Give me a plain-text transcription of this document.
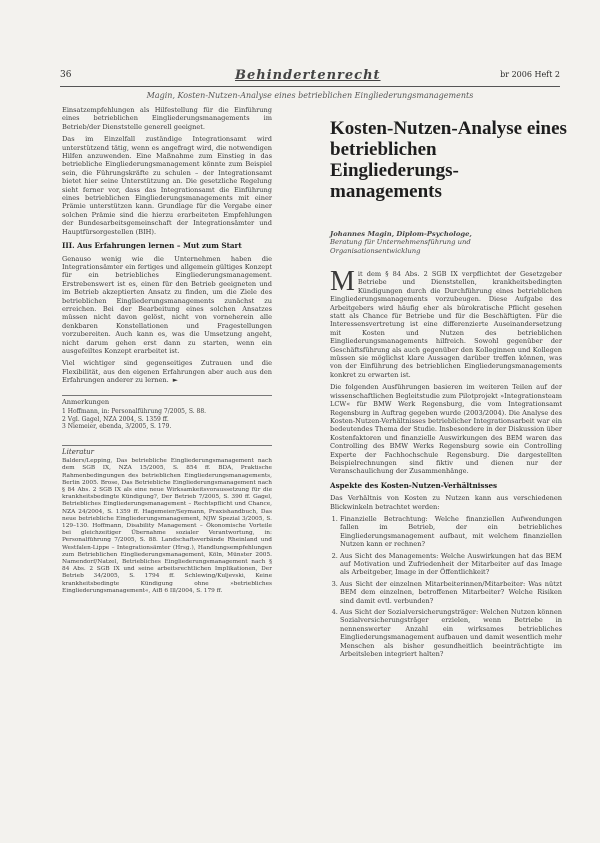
36	Behindertenrecht	br 2006 Heft 2
Magin, Kosten-Nutzen-Analyse eines betrieblichen Eingliederungsmanagements

Einsatzempfehlungen als Hilfestellung für die Einführung eines betrieblichen Eingliederungsmanagements im Betrieb/der Dienststelle generell geeignet.

Das im Einzelfall zuständige Integrationsamt wird unterstützend tätig, wenn es angefragt wird, die notwendigen Hilfen anzuwenden. Eine Maßnahme zum Einstieg in das betriebliche Eingliederungsmanagement könnte zum Beispiel sein, die Führungskräfte zu schulen – der Integrationsamt bietet hier seine Unterstützung an. Die gesetzliche Regelung sieht ferner vor, dass das Integrationsamt die Einführung eines betrieblichen Eingliederungsmanagements mit einer Prämie unterstützen kann. Grundlage für die Vergabe einer solchen Prämie sind die hierzu erarbeiteten Empfehlungen der Bundesarbeitsgemeinschaft der Integrationsämter und Hauptfürsorgestellen (BIH).

III. Aus Erfahrungen lernen – Mut zum Start

Genauso wenig wie die Unternehmen haben die Integrationsämter ein fertiges und allgemein gültiges Konzept für ein betriebliches Eingliederungsmanagement. Erstrebenswert ist es, einen für den Betrieb geeigneten und im Betrieb akzeptierten Ansatz zu finden, um die Ziele des betrieblichen Eingliederungsmanagements zunächst zu erreichen. Bei der Bearbeitung eines solchen Ansatzes müssen nicht davon gelöst, nicht von vorneherein alle denkbaren Konstellationen und Fragestellungen vorzubereiten. Auch kann es, was die Umsetzung angeht, nicht darum gehen erst dann zu starten, wenn ein ausgefeiltes Konzept erarbeitet ist.

Viel wichtiger sind gegenseitiges Zutrauen und die Flexibilität, aus den eigenen Erfahrungen aber auch aus den Erfahrungen anderer zu lernen. ►

Anmerkungen
1 Hoffmann, in: Personalführung 7/2005, S. 88.
2 Vgl. Gagel, NZA 2004, S. 1359 ff.
3 Niemeier, ebenda, 3/2005, S. 179.
Literatur
Balders/Lepping, Das betriebliche Eingliederungsmanagement nach dem SGB IX, NZA 15/2005, S. 854 ff. BDA, Praktische Rahmenbedingungen des betrieblichen Eingliederungsmanagements, Berlin 2005. Brose, Das Betriebliche Eingliederungsmanagement nach § 84 Abs. 2 SGB IX als eine neue Wirksamkeitsvoraussetzung für die krankheitsbedingte Kündigung?, Der Betrieb 7/2005, S. 390 ff. Gagel, Betriebliches Eingliederungsmanagement – Rechtspflicht und Chance, NZA 24/2004, S. 1359 ff. Hagemeier/Seymann, Praxishandbuch, Das neue betriebliche Eingliederungsmanagement, NJW Spezial 3/2005, S. 129–130. Hoffmann, Disability Management – Ökonomische Vorteile bei gleichzeitiger Übernahme sozialer Verantwortung, in: Personalführung 7/2005, S. 88. Landschaftsverbände Rheinland und Westfalen-Lippe – Integrationsämter (Hrsg.), Handlungsempfehlungen zum Betrieblichen Eingliederungsmanagement, Köln, Münster 2005. Namendorf/Natzel, Betriebliches Eingliederungsmanagement nach § 84 Abs. 2 SGB IX und seine arbeitsrechtlichen Implikationen, Der Betrieb 34/2005, S. 1794 ff. Schlewing/Kuljevski, Keine krankheitsbedingte Kündigung ohne »betriebliches Eingliederungsmanagement«, AiB 6 Ill/2004, S. 179 ff.
Kosten-Nutzen-Analyse eines betrieblichen Eingliederungs-managements
Johannes Magin, Diplom-Psychologe,
Beratung für Unternehmensführung und Organisationsentwicklung

Mit dem § 84 Abs. 2 SGB IX verpflichtet der Gesetzgeber Betriebe und Dienststellen, krankheitsbedingten Kündigungen durch die Durchführung eines betrieblichen Eingliederungsmanagements vorzubeugen. Diese Aufgabe des Arbeitgebers wird häufig eher als bürokratische Pflicht gesehen statt als Chance für Betriebe und für die Beschäftigten. Für die Interessensvertretung ist eine differenzierte Auseinandersetzung mit Kosten und Nutzen des betrieblichen Eingliederungsmanagements hilfreich. Sowohl gegenüber der Geschäftsführung als auch gegenüber den Kolleginnen und Kollegen müssen sie möglichst klare Aussagen darüber treffen können, was von der Einführung des betrieblichen Eingliederungsmanagements konkret zu erwarten ist.

Die folgenden Ausführungen basieren im weiteren Teilen auf der wissenschaftlichen Begleitstudie zum Pilotprojekt »Integrationsteam LCW« für BMW Werk Regensburg, die vom Integrationsamt Regensburg in Auftrag gegeben wurde (2003/2004). Die Analyse des Kosten-Nutzen-Verhältnisses betrieblicher Integrationsarbeit war ein bedeutendes Thema der Studie. Insbesondere in der Diskussion über Kostenfaktoren und finanzielle Auswirkungen des BEM waren das Controlling des BMW Werks Regensburg sowie ein Controlling Experte der Fachhochschule Regensburg. Die dargestellten Beispielrechnungen sind fiktiv und dienen nur der Veranschaulichung der Zusammenhänge.

Aspekte des Kosten-Nutzen-Verhältnisses

Das Verhältnis von Kosten zu Nutzen kann aus verschiedenen Blickwinkeln betrachtet werden:

1. Finanzielle Betrachtung: Welche finanziellen Aufwendungen fallen im Betrieb, der ein betriebliches Eingliederungsmanagement aufbaut, mit welchem finanziellen Nutzen kann er rechnen?
2. Aus Sicht des Managements: Welche Auswirkungen hat das BEM auf Motivation und Zufriedenheit der Mitarbeiter auf das Image als Arbeitgeber, Image in der Öffentlichkeit?
3. Aus Sicht der einzelnen Mitarbeiterinnen/Mitarbeiter: Was nützt BEM dem einzelnen, betroffenen Mitarbeiter? Welche Risiken sind damit evtl. verbunden?
4. Aus Sicht der Sozialversicherungsträger: Welchen Nutzen können Sozialversicherungsträger erzielen, wenn Betriebe in nennenswerter Anzahl ein wirksames betriebliches Eingliederungsmanagement aufbauen und damit wesentlich mehr Menschen als bisher gesundheitlich beeinträchtigte im Arbeitsleben integriert halten?
